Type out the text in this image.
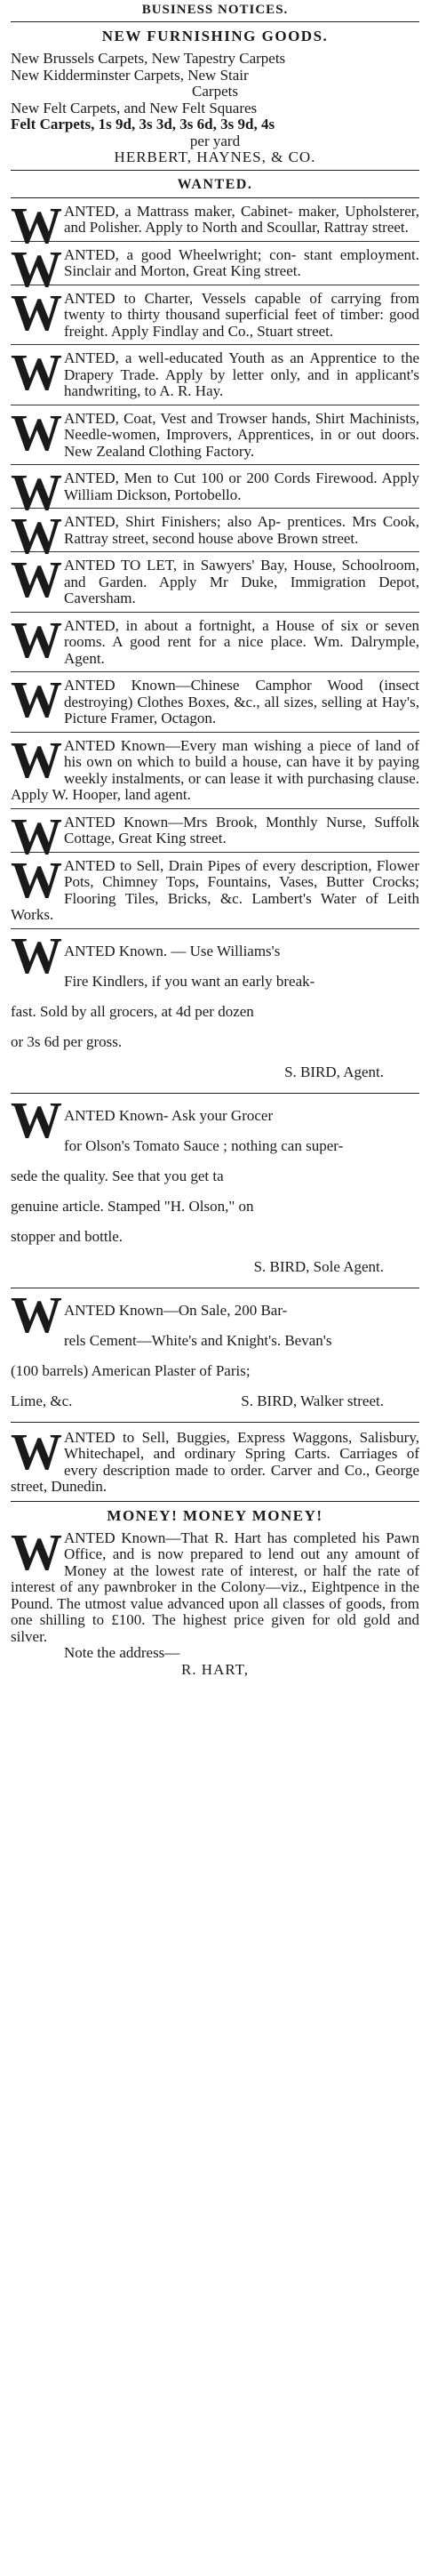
BUSINESS NOTICES.
NEW FURNISHING GOODS.

New Brussels Carpets, New Tapestry Carpets

New Kidderminster Carpets, New Stair

Carpets

New Felt Carpets, and New Felt Squares

Felt Carpets, 1s 9d, 3s 3d, 3s 6d, 3s 9d, 4s

per yard

HERBERT, HAYNES, & CO.

WANTED.
W ANTED, a Mattrass maker, Cabinet- maker, Upholsterer, and Polisher. Apply to North and Scoullar, Rattray street.

W ANTED, a good Wheelwright; con- stant employment. Sinclair and Morton, Great King street.

W ANTED to Charter, Vessels capable of carrying from twenty to thirty thousand superficial feet of timber: good freight. Apply Findlay and Co., Stuart street.

W ANTED, a well-educated Youth as an Apprentice to the Drapery Trade. Apply by letter only, and in applicant's handwriting, to A. R. Hay.

W ANTED, Coat, Vest and Trowser hands, Shirt Machinists, Needle-women, Improvers, Apprentices, in or out doors. New Zealand Clothing Factory.

W ANTED, Men to Cut 100 or 200 Cords Firewood. Apply William Dickson, Portobello.

W ANTED, Shirt Finishers; also Ap- prentices. Mrs Cook, Rattray street, second house above Brown street.

W ANTED TO LET, in Sawyers' Bay, House, Schoolroom, and Garden. Apply Mr Duke, Immigration Depot, Caversham.

W ANTED, in about a fortnight, a House of six or seven rooms. A good rent for a nice place. Wm. Dalrymple, Agent.

W ANTED Known—Chinese Camphor Wood (insect destroying) Clothes Boxes, &c., all sizes, selling at Hay's, Picture Framer, Octagon.

W ANTED Known—Every man wishing a piece of land of his own on which to build a house, can have it by paying weekly instalments, or can lease it with purchasing clause. Apply W. Hooper, land agent.

W ANTED Known—Mrs Brook, Monthly Nurse, Suffolk Cottage, Great King street.

W ANTED to Sell, Drain Pipes of every description, Flower Pots, Chimney Tops, Fountains, Vases, Butter Crocks; Flooring Tiles, Bricks, &c. Lambert's Water of Leith Works.

W ANTED Known. — Use Williams's

Fire Kindlers, if you want an early break-

fast. Sold by all grocers, at 4d per dozen

or 3s 6d per gross.

S. BIRD, Agent.

W ANTED Known- Ask your Grocer

for Olson's Tomato Sauce ; nothing can super-

sede the quality. See that you get ta

genuine article. Stamped "H. Olson," on

stopper and bottle.

S. BIRD, Sole Agent.

W ANTED Known—On Sale, 200 Bar-

rels Cement—White's and Knight's. Bevan's

(100 barrels) American Plaster of Paris;

Lime, &c.	S. BIRD, Walker street.

W ANTED to Sell, Buggies, Express Waggons, Salisbury, Whitechapel, and ordinary Spring Carts. Carriages of every description made to order. Carver and Co., George street, Dunedin.

MONEY! MONEY MONEY!
W ANTED Known—That R. Hart has completed his Pawn Office, and is now prepared to lend out any amount of Money at the lowest rate of interest, or half the rate of interest of any pawnbroker in the Colony—viz., Eightpence in the Pound. The utmost value advanced upon all classes of goods, from one shilling to £100. The highest price given for old gold and silver.

Note the address—

R. HART,
